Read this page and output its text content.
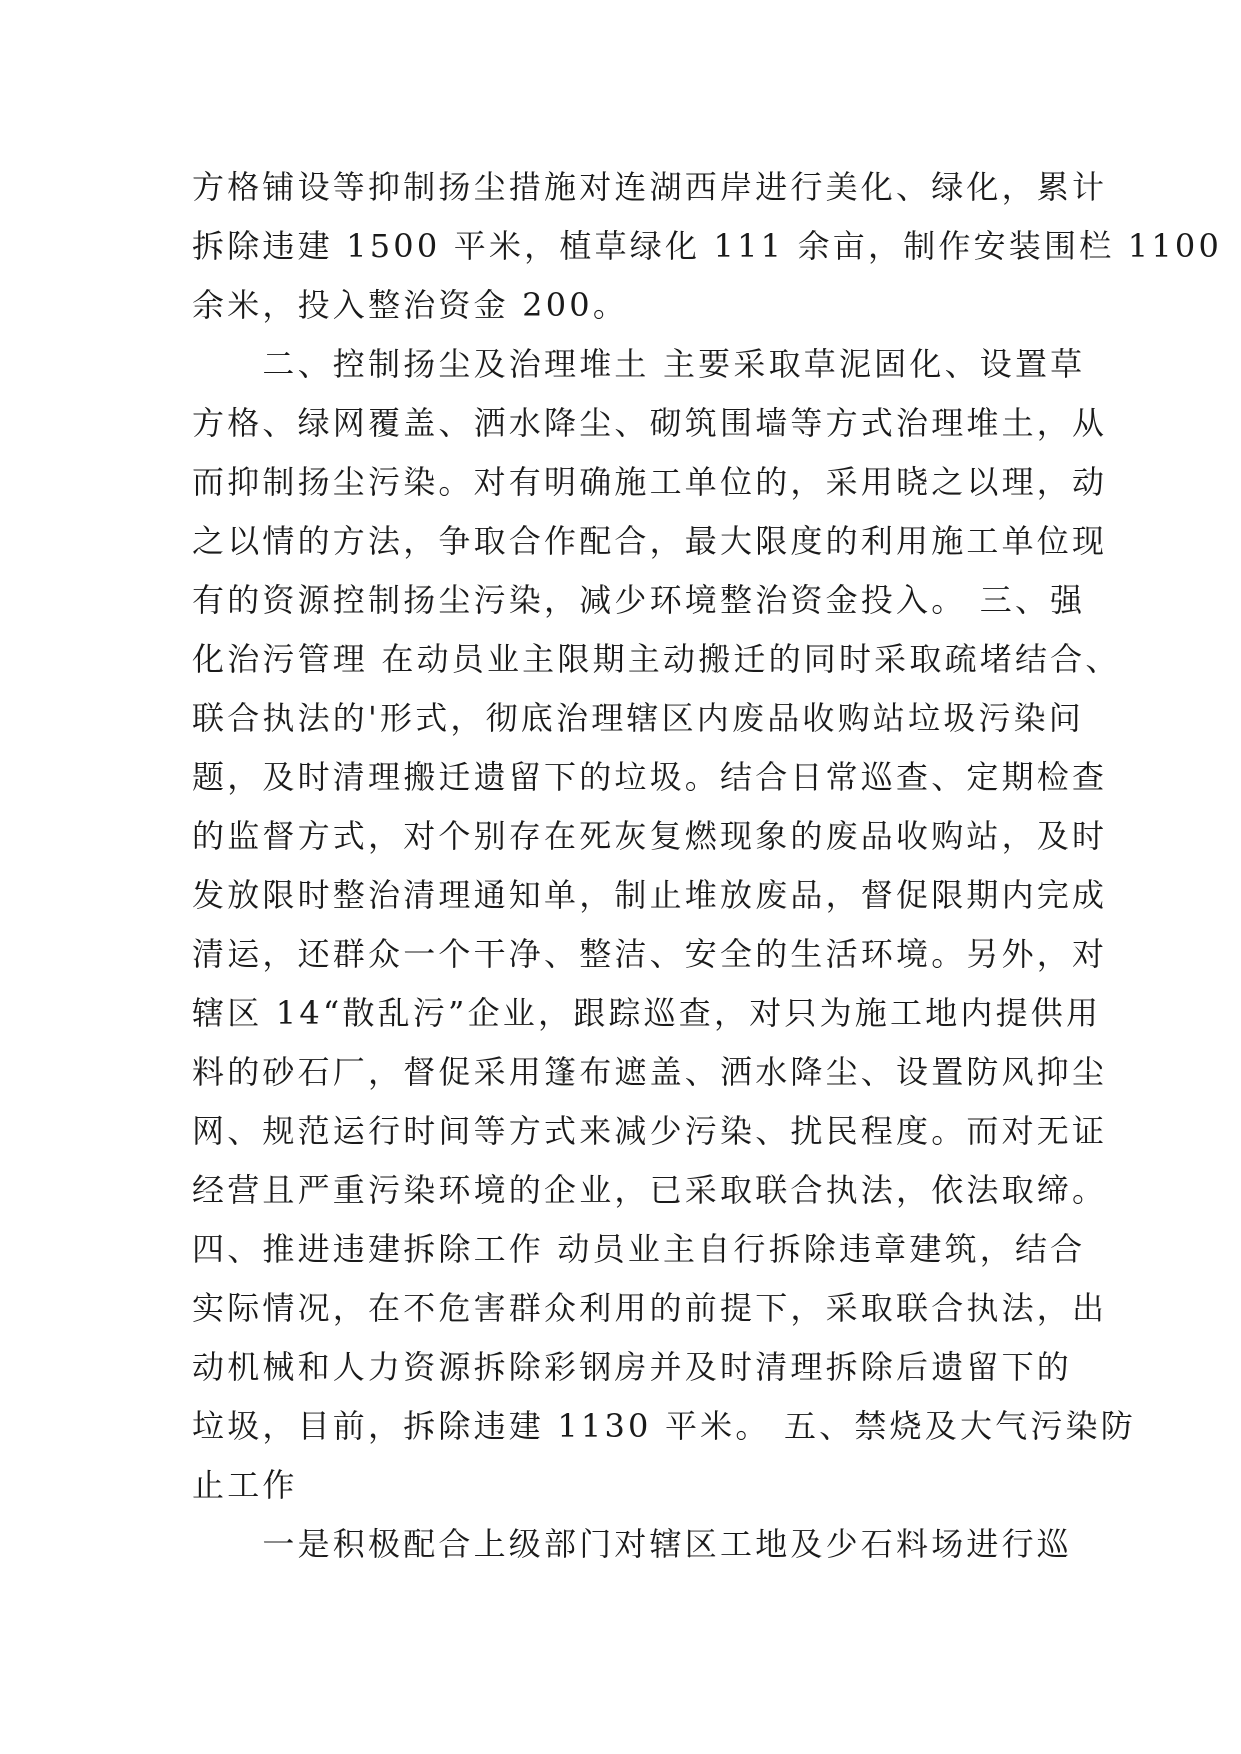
方格铺设等抑制扬尘措施对连湖西岸进行美化、绿化，累计
拆除违建 1500 平米，植草绿化 111 余亩，制作安装围栏 1100
余米，投入整治资金 200。
　　二、控制扬尘及治理堆土 主要采取草泥固化、设置草
方格、绿网覆盖、洒水降尘、砌筑围墙等方式治理堆土，从
而抑制扬尘污染。对有明确施工单位的，采用晓之以理，动
之以情的方法，争取合作配合，最大限度的利用施工单位现
有的资源控制扬尘污染，减少环境整治资金投入。 三、强
化治污管理 在动员业主限期主动搬迁的同时采取疏堵结合、
联合执法的'形式，彻底治理辖区内废品收购站垃圾污染问
题，及时清理搬迁遗留下的垃圾。结合日常巡查、定期检查
的监督方式，对个别存在死灰复燃现象的废品收购站，及时
发放限时整治清理通知单，制止堆放废品，督促限期内完成
清运，还群众一个干净、整洁、安全的生活环境。另外，对
辖区 14“散乱污”企业，跟踪巡查，对只为施工地内提供用
料的砂石厂，督促采用篷布遮盖、洒水降尘、设置防风抑尘
网、规范运行时间等方式来减少污染、扰民程度。而对无证
经营且严重污染环境的企业，已采取联合执法，依法取缔。
四、推进违建拆除工作 动员业主自行拆除违章建筑，结合
实际情况，在不危害群众利用的前提下，采取联合执法，出
动机械和人力资源拆除彩钢房并及时清理拆除后遗留下的
垃圾，目前，拆除违建 1130 平米。 五、禁烧及大气污染防
止工作
　　一是积极配合上级部门对辖区工地及少石料场进行巡
